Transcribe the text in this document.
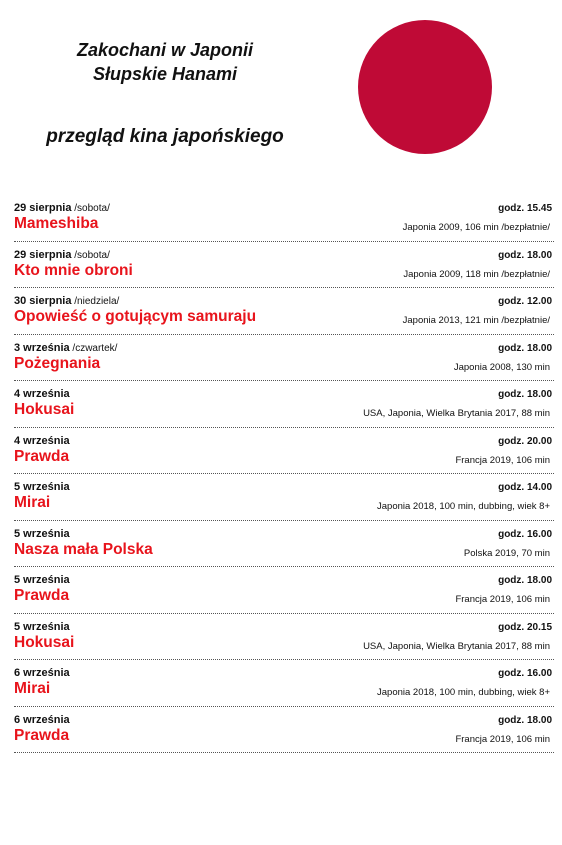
Zakochani w Japonii
Słupskie Hanami
przegląd kina japońskiego
29 sierpnia /sobota/	godz. 15.45
Mameshiba	Japonia 2009, 106 min /bezpłatnie/
29 sierpnia /sobota/	godz. 18.00
Kto mnie obroni	Japonia 2009, 118 min /bezpłatnie/
30 sierpnia /niedziela/	godz. 12.00
Opowieść o gotującym samuraju	Japonia 2013, 121 min /bezpłatnie/
3 września /czwartek/	godz. 18.00
Pożegnania	Japonia 2008, 130 min
4 września	godz. 18.00
Hokusai	USA, Japonia, Wielka Brytania 2017, 88 min
4 września	godz. 20.00
Prawda	Francja 2019, 106 min
5 września	godz. 14.00
Mirai	Japonia 2018, 100 min, dubbing, wiek 8+
5 września	godz. 16.00
Nasza mała Polska	Polska 2019, 70 min
5 września	godz. 18.00
Prawda	Francja 2019, 106 min
5 września	godz. 20.15
Hokusai	USA, Japonia, Wielka Brytania 2017, 88 min
6 września	godz. 16.00
Mirai	Japonia 2018, 100 min, dubbing, wiek 8+
6 września	godz. 18.00
Prawda	Francja 2019, 106 min
